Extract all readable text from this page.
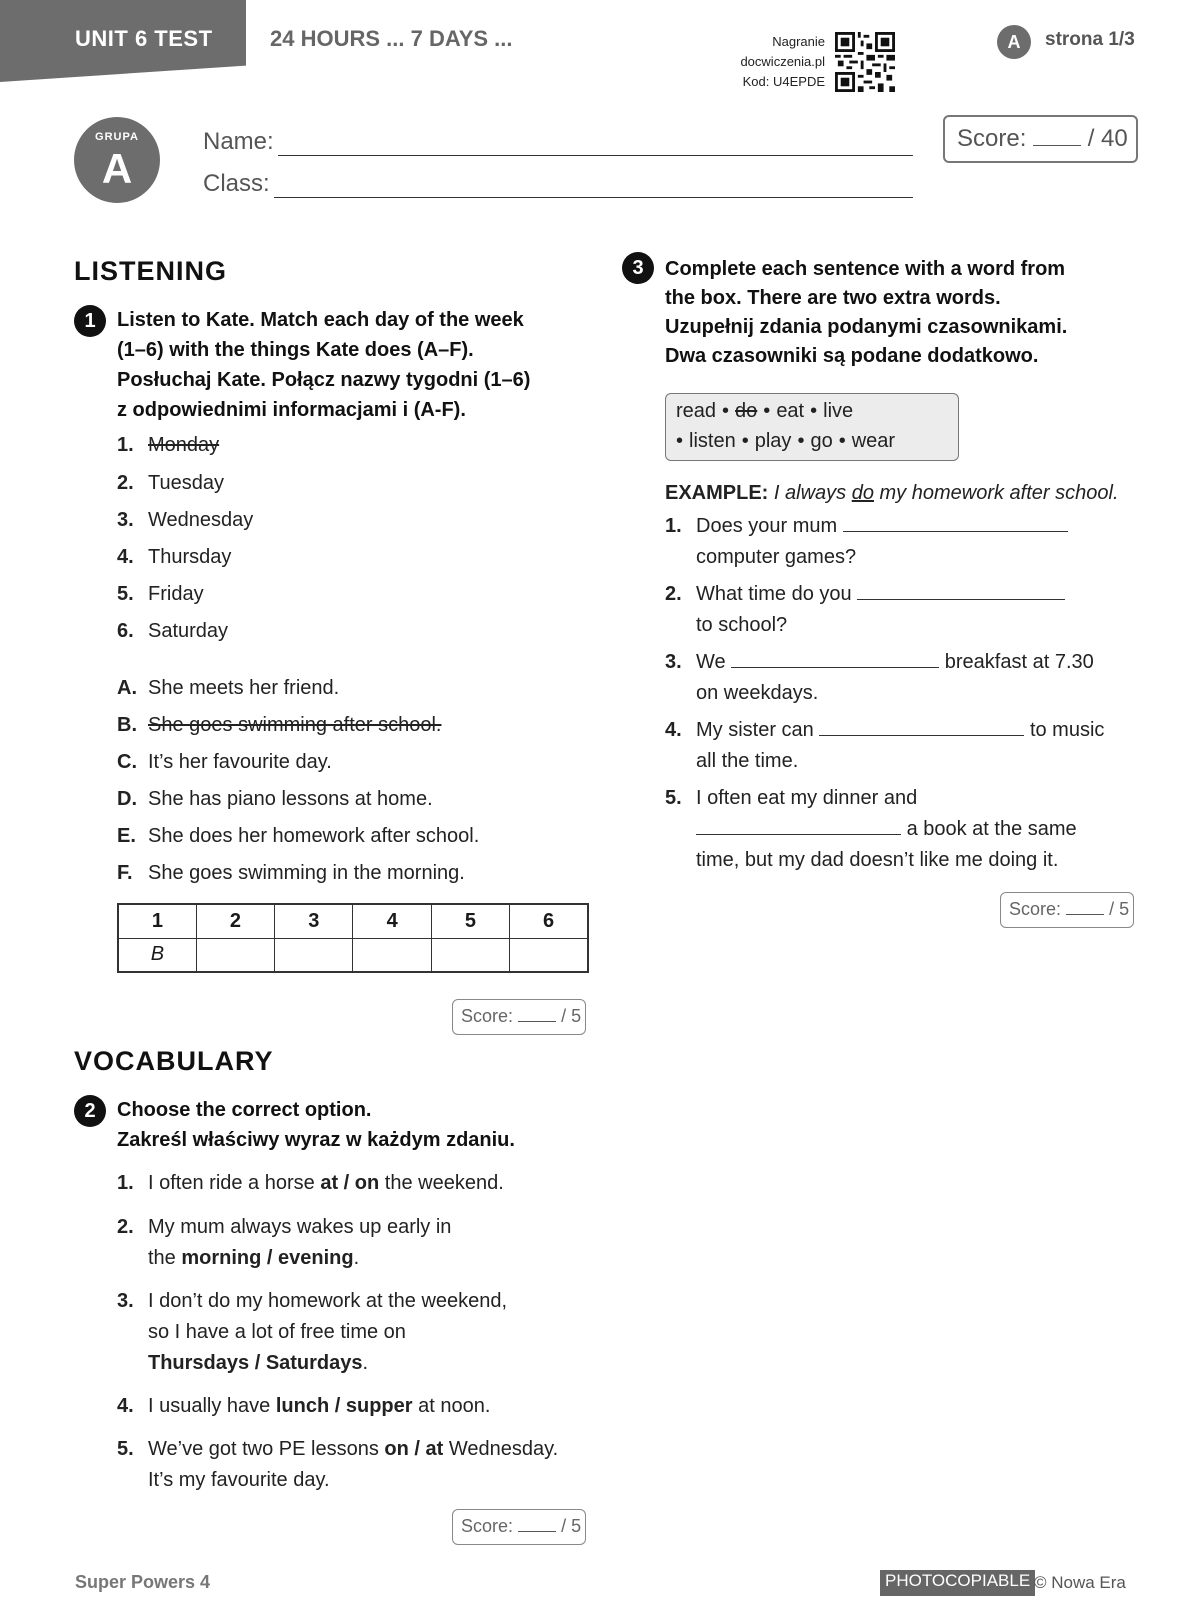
UNIT 6 TEST	24 HOURS ... 7 DAYS ...	Nagranie
docwiczenia.pl
Kod: U4EPDE
A	strona 1/3
GRUPA
A
Name:
Class:
Score:	/ 40
LISTENING
1	Listen to Kate. Match each day of the week
(1–6) with the things Kate does (A–F).
Posłuchaj Kate. Połącz nazwy tygodni (1–6)
z odpowiednimi informacjami i (A-F).
1. Monday
2. Tuesday
3. Wednesday
4. Thursday
5. Friday
6. Saturday
A. She meets her friend.
B. She goes swimming after school.
C. It’s her favourite day.
D. She has piano lessons at home.
E. She does her homework after school.
F. She goes swimming in the morning.
1	2	3	4	5	6
B					
Score:	/ 5
VOCABULARY
2	Choose the correct option.
Zakreśl właściwy wyraz w każdym zdaniu.
1. I often ride a horse at / on the weekend.
2. My mum always wakes up early in
the morning / evening.
3. I don’t do my homework at the weekend,
so I have a lot of free time on
Thursdays / Saturdays.
4. I usually have lunch / supper at noon.
5. We’ve got two PE lessons on / at Wednesday.
It’s my favourite day.
Score:	/ 5
3	Complete each sentence with a word from
the box. There are two extra words.
Uzupełnij zdania podanymi czasownikami.
Dwa czasowniki są podane dodatkowo.
read • do • eat • live
• listen • play • go • wear
EXAMPLE: I always do my homework after school.
1. Does your mum
computer games?
2. What time do you
to school?
3. We	breakfast at 7.30
on weekdays.
4. My sister can	to music
all the time.
5. I often eat my dinner and
a book at the same
time, but my dad doesn’t like me doing it.
Score:	/ 5
Super Powers 4	PHOTOCOPIABLE © Nowa Era
